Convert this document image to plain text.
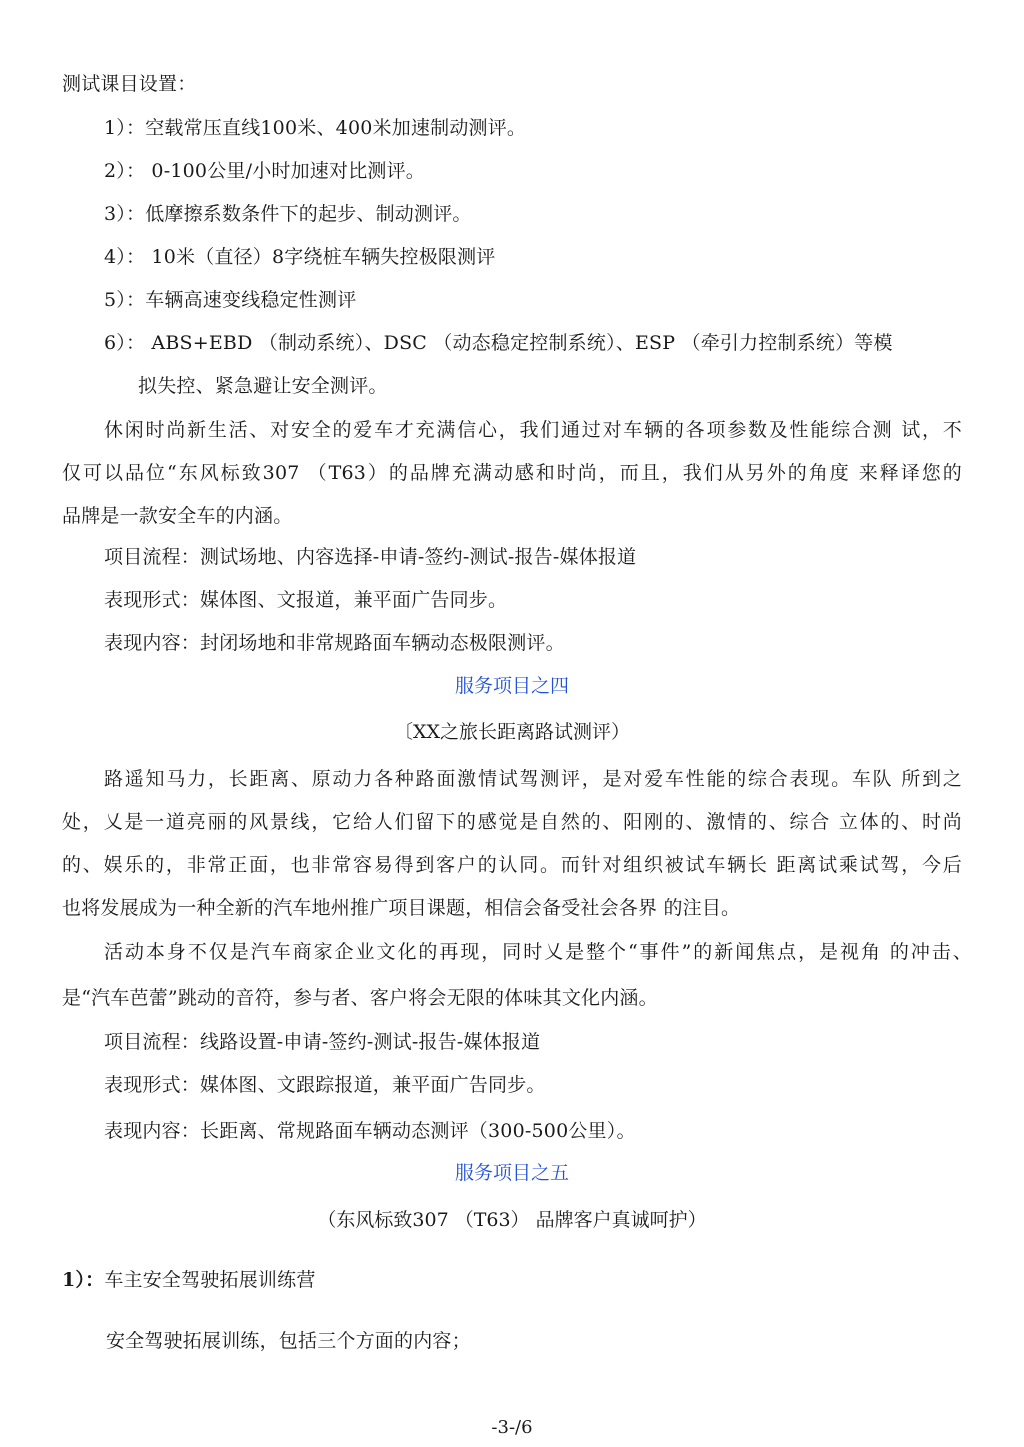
测试课目设置：
1）：空载常压直线100米、400米加速制动测评。
2）： 0-100公里/小时加速对比测评。
3）：低摩擦系数条件下的起步、制动测评。
4）： 10米（直径）8字绕桩车辆失控极限测评
5）：车辆高速变线稳定性测评
6）： ABS+EBD （制动系统）、DSC （动态稳定控制系统）、ESP （牵引力控制系统）等模
拟失控、紧急避让安全测评。
休闲时尚新生活、对安全的爱车才充满信心，我们通过对车辆的各项参数及性能综合测 试，不
仅可以品位“东风标致307 （T63）的品牌充满动感和时尚，而且，我们从另外的角度 来释译您的
品牌是一款安全车的内涵。
项目流程：测试场地、内容选择-申请-签约-测试-报告-媒体报道
表现形式：媒体图、文报道，兼平面广告同步。
表现内容：封闭场地和非常规路面车辆动态极限测评。
服务项目之四
〔XX之旅长距离路试测评）
路遥知马力，长距离、原动力各种路面激情试驾测评，是对爱车性能的综合表现。车队 所到之
处，乂是一道亮丽的风景线，它给人们留下的感觉是自然的、阳刚的、激情的、综合 立体的、时尚
的、娱乐的，非常正面，也非常容易得到客户的认同。而针对组织被试车辆长 距离试乘试驾，今后
也将发展成为一种全新的汽车地州推广项目课题，相信会备受社会各界 的注目。
活动本身不仅是汽车商家企业文化的再现，同时乂是整个“事件”的新闻焦点，是视角 的冲击、
是“汽车芭蕾”跳动的音符，参与者、客户将会无限的体味其文化内涵。
项目流程：线路设置-申请-签约-测试-报告-媒体报道
表现形式：媒体图、文跟踪报道，兼平面广告同步。
表现内容：长距离、常规路面车辆动态测评（300-500公里）。
服务项目之五
（东风标致307 （T63） 品牌客户真诚呵护）
1）：车主安全驾驶拓展训练营
安全驾驶拓展训练，包括三个方面的内容；
-3-/6
